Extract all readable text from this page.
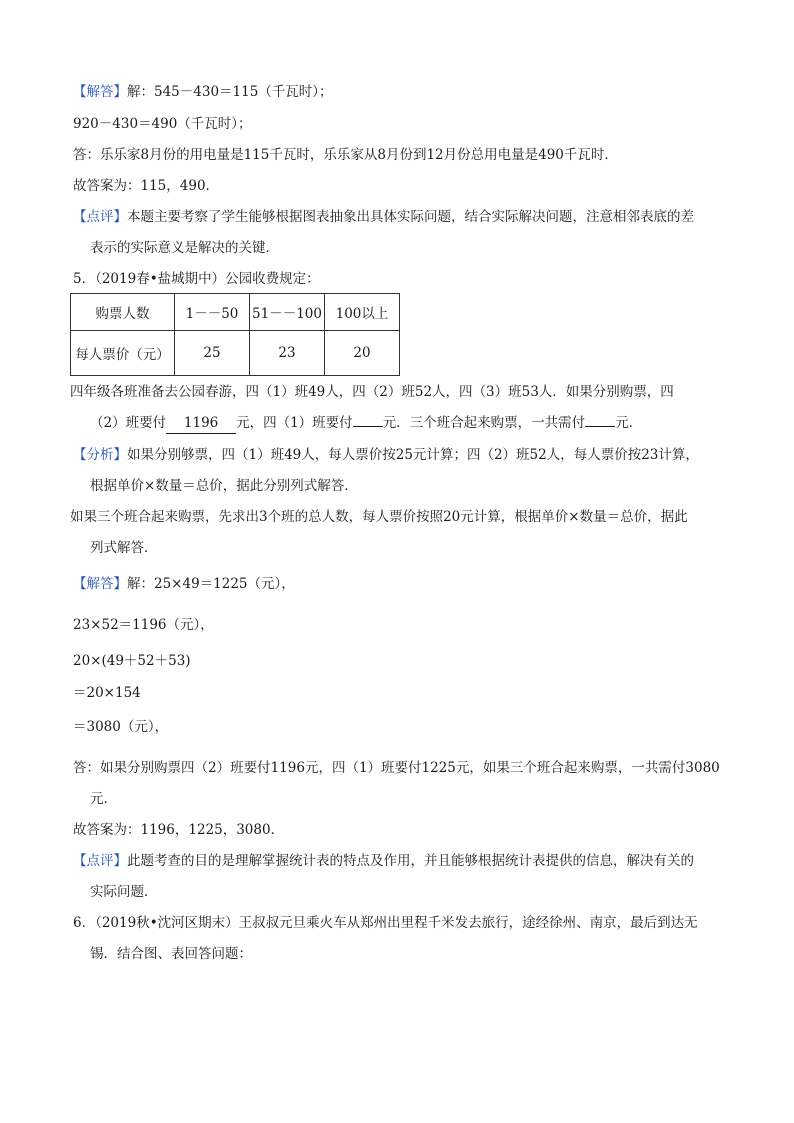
【解答】解：545－430＝115（千瓦时）；
920－430＝490（千瓦时）；
答：乐乐家8月份的用电量是115千瓦时，乐乐家从8月份到12月份总用电量是490千瓦时．
故答案为：115，490．
【点评】本题主要考察了学生能够根据图表抽象出具体实际问题，结合实际解决问题，注意相邻表底的差
表示的实际意义是解决的关键．
5．（2019春•盐城期中）公园收费规定：
购票人数	1－－50	51－－100	100以上
每人票价（元）	25	23	20
四年级各班准备去公园春游，四（1）班49人，四（2）班52人，四（3）班53人．如果分别购票，四
（2）班要付 1196 元，四（1）班要付 元．三个班合起来购票，一共需付 元．
【分析】如果分别够票，四（1）班49人，每人票价按25元计算；四（2）班52人，每人票价按23计算，
根据单价×数量＝总价，据此分别列式解答．
如果三个班合起来购票，先求出3个班的总人数，每人票价按照20元计算，根据单价×数量＝总价，据此
列式解答．
【解答】解：25×49＝1225（元），
23×52＝1196（元），
20×(49＋52＋53)
＝20×154
＝3080（元），
答：如果分别购票四（2）班要付1196元，四（1）班要付1225元，如果三个班合起来购票，一共需付3080
元．
故答案为：1196，1225，3080．
【点评】此题考查的目的是理解掌握统计表的特点及作用，并且能够根据统计表提供的信息，解决有关的
实际问题．
6．（2019秋•沈河区期末）王叔叔元旦乘火车从郑州出里程千米发去旅行，途经徐州、南京，最后到达无
锡．结合图、表回答问题：
